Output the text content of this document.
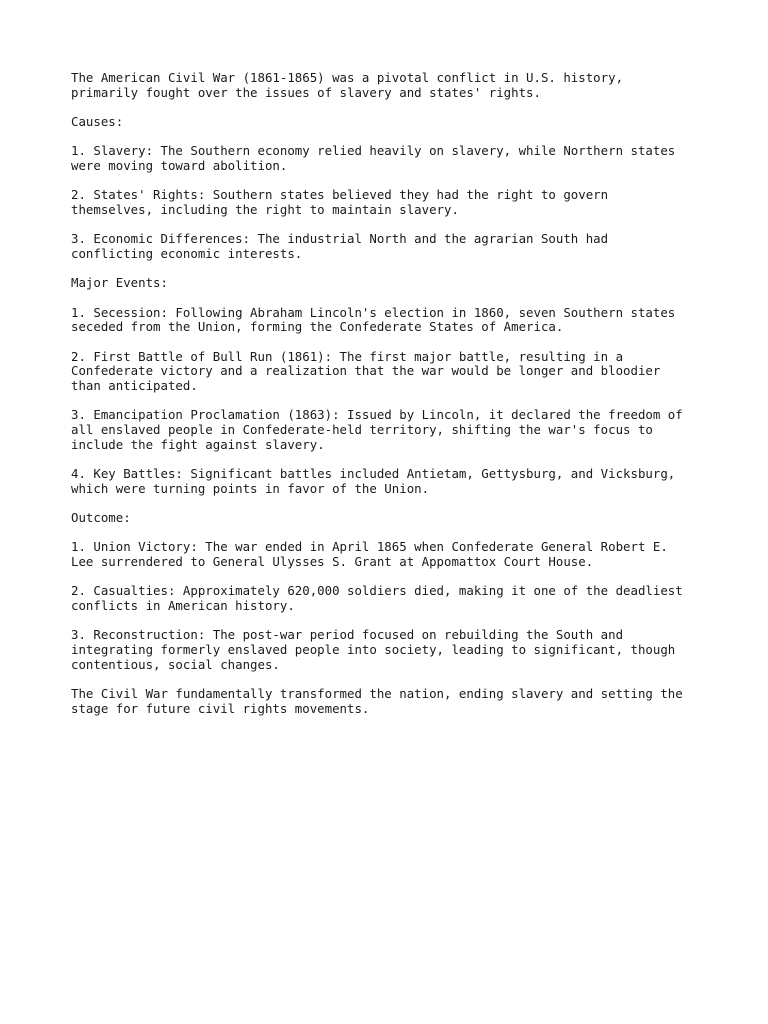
The American Civil War (1861-1865) was a pivotal conflict in U.S. history,
primarily fought over the issues of slavery and states' rights.

Causes:

1. Slavery: The Southern economy relied heavily on slavery, while Northern states
were moving toward abolition.

2. States' Rights: Southern states believed they had the right to govern
themselves, including the right to maintain slavery.

3. Economic Differences: The industrial North and the agrarian South had
conflicting economic interests.

Major Events:

1. Secession: Following Abraham Lincoln's election in 1860, seven Southern states
seceded from the Union, forming the Confederate States of America.

2. First Battle of Bull Run (1861): The first major battle, resulting in a
Confederate victory and a realization that the war would be longer and bloodier
than anticipated.

3. Emancipation Proclamation (1863): Issued by Lincoln, it declared the freedom of
all enslaved people in Confederate-held territory, shifting the war's focus to
include the fight against slavery.

4. Key Battles: Significant battles included Antietam, Gettysburg, and Vicksburg,
which were turning points in favor of the Union.

Outcome:

1. Union Victory: The war ended in April 1865 when Confederate General Robert E.
Lee surrendered to General Ulysses S. Grant at Appomattox Court House.

2. Casualties: Approximately 620,000 soldiers died, making it one of the deadliest
conflicts in American history.

3. Reconstruction: The post-war period focused on rebuilding the South and
integrating formerly enslaved people into society, leading to significant, though
contentious, social changes.

The Civil War fundamentally transformed the nation, ending slavery and setting the
stage for future civil rights movements.
